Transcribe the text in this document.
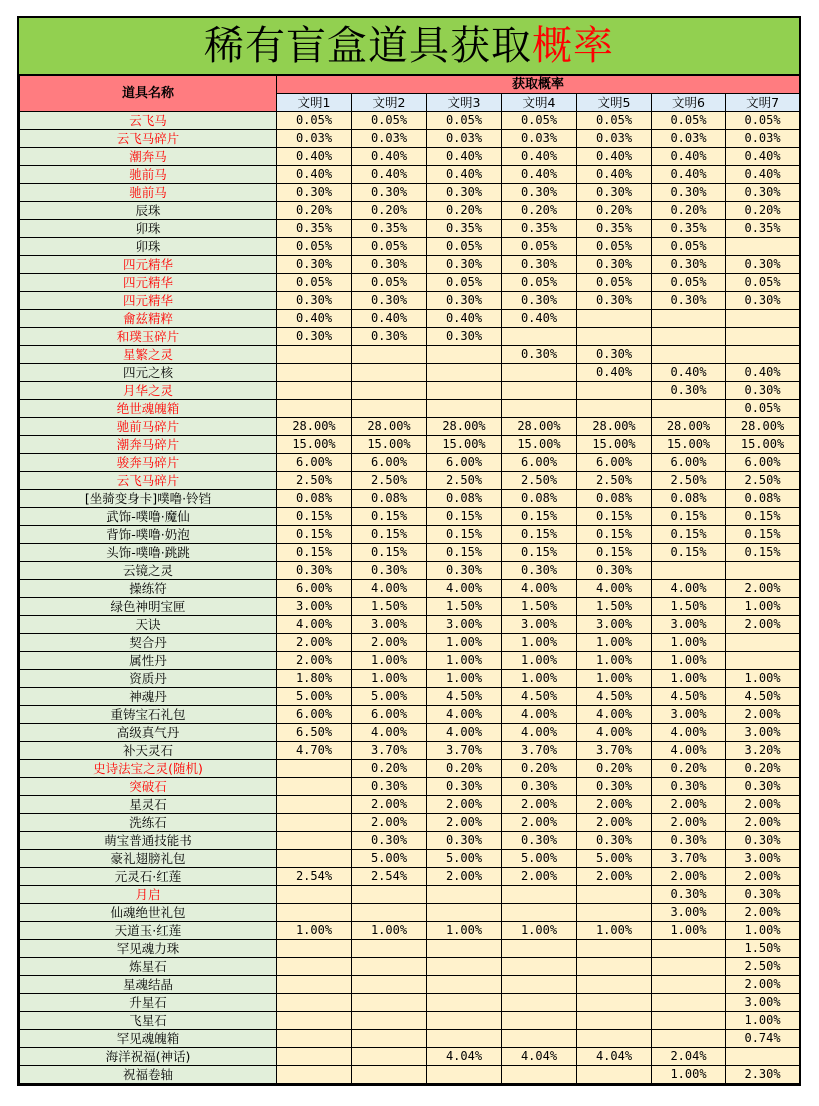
稀有盲盒道具获取概率
道具名称	获取概率						
	文明1	文明2	文明3	文明4	文明5	文明6	文明7
云飞马	0.05%	0.05%	0.05%	0.05%	0.05%	0.05%	0.05%
云飞马碎片	0.03%	0.03%	0.03%	0.03%	0.03%	0.03%	0.03%
潮奔马	0.40%	0.40%	0.40%	0.40%	0.40%	0.40%	0.40%
驰前马	0.40%	0.40%	0.40%	0.40%	0.40%	0.40%	0.40%
驰前马	0.30%	0.30%	0.30%	0.30%	0.30%	0.30%	0.30%
辰珠	0.20%	0.20%	0.20%	0.20%	0.20%	0.20%	0.20%
卯珠	0.35%	0.35%	0.35%	0.35%	0.35%	0.35%	0.35%
卯珠	0.05%	0.05%	0.05%	0.05%	0.05%	0.05%	
四元精华	0.30%	0.30%	0.30%	0.30%	0.30%	0.30%	0.30%
四元精华	0.05%	0.05%	0.05%	0.05%	0.05%	0.05%	0.05%
四元精华	0.30%	0.30%	0.30%	0.30%	0.30%	0.30%	0.30%
龠兹精粹	0.40%	0.40%	0.40%	0.40%			
和璞玉碎片	0.30%	0.30%	0.30%				
星繁之灵				0.30%	0.30%		
四元之核					0.40%	0.40%	0.40%
月华之灵						0.30%	0.30%
绝世魂魄箱							0.05%
驰前马碎片	28.00%	28.00%	28.00%	28.00%	28.00%	28.00%	28.00%
潮奔马碎片	15.00%	15.00%	15.00%	15.00%	15.00%	15.00%	15.00%
骏奔马碎片	6.00%	6.00%	6.00%	6.00%	6.00%	6.00%	6.00%
云飞马碎片	2.50%	2.50%	2.50%	2.50%	2.50%	2.50%	2.50%
[坐骑变身卡]噗噜·铃铛	0.08%	0.08%	0.08%	0.08%	0.08%	0.08%	0.08%
武饰-噗噜·魔仙	0.15%	0.15%	0.15%	0.15%	0.15%	0.15%	0.15%
背饰-噗噜·奶泡	0.15%	0.15%	0.15%	0.15%	0.15%	0.15%	0.15%
头饰-噗噜·跳跳	0.15%	0.15%	0.15%	0.15%	0.15%	0.15%	0.15%
云镜之灵	0.30%	0.30%	0.30%	0.30%	0.30%		
操练符	6.00%	4.00%	4.00%	4.00%	4.00%	4.00%	2.00%
绿色神明宝匣	3.00%	1.50%	1.50%	1.50%	1.50%	1.50%	1.00%
天诀	4.00%	3.00%	3.00%	3.00%	3.00%	3.00%	2.00%
契合丹	2.00%	2.00%	1.00%	1.00%	1.00%	1.00%	
属性丹	2.00%	1.00%	1.00%	1.00%	1.00%	1.00%	
资质丹	1.80%	1.00%	1.00%	1.00%	1.00%	1.00%	1.00%
神魂丹	5.00%	5.00%	4.50%	4.50%	4.50%	4.50%	4.50%
重铸宝石礼包	6.00%	6.00%	4.00%	4.00%	4.00%	3.00%	2.00%
高级真气丹	6.50%	4.00%	4.00%	4.00%	4.00%	4.00%	3.00%
补天灵石	4.70%	3.70%	3.70%	3.70%	3.70%	4.00%	3.20%
史诗法宝之灵(随机)		0.20%	0.20%	0.20%	0.20%	0.20%	0.20%
突破石		0.30%	0.30%	0.30%	0.30%	0.30%	0.30%
星灵石		2.00%	2.00%	2.00%	2.00%	2.00%	2.00%
洗练石		2.00%	2.00%	2.00%	2.00%	2.00%	2.00%
萌宝普通技能书		0.30%	0.30%	0.30%	0.30%	0.30%	0.30%
豪礼翅膀礼包		5.00%	5.00%	5.00%	5.00%	3.70%	3.00%
元灵石·红莲	2.54%	2.54%	2.00%	2.00%	2.00%	2.00%	2.00%
月启						0.30%	0.30%
仙魂绝世礼包						3.00%	2.00%
天道玉·红莲	1.00%	1.00%	1.00%	1.00%	1.00%	1.00%	1.00%
罕见魂力珠							1.50%
炼星石							2.50%
星魂结晶							2.00%
升星石							3.00%
飞星石							1.00%
罕见魂魄箱							0.74%
海洋祝福(神话)			4.04%	4.04%	4.04%	2.04%	
祝福卷轴						1.00%	2.30%
